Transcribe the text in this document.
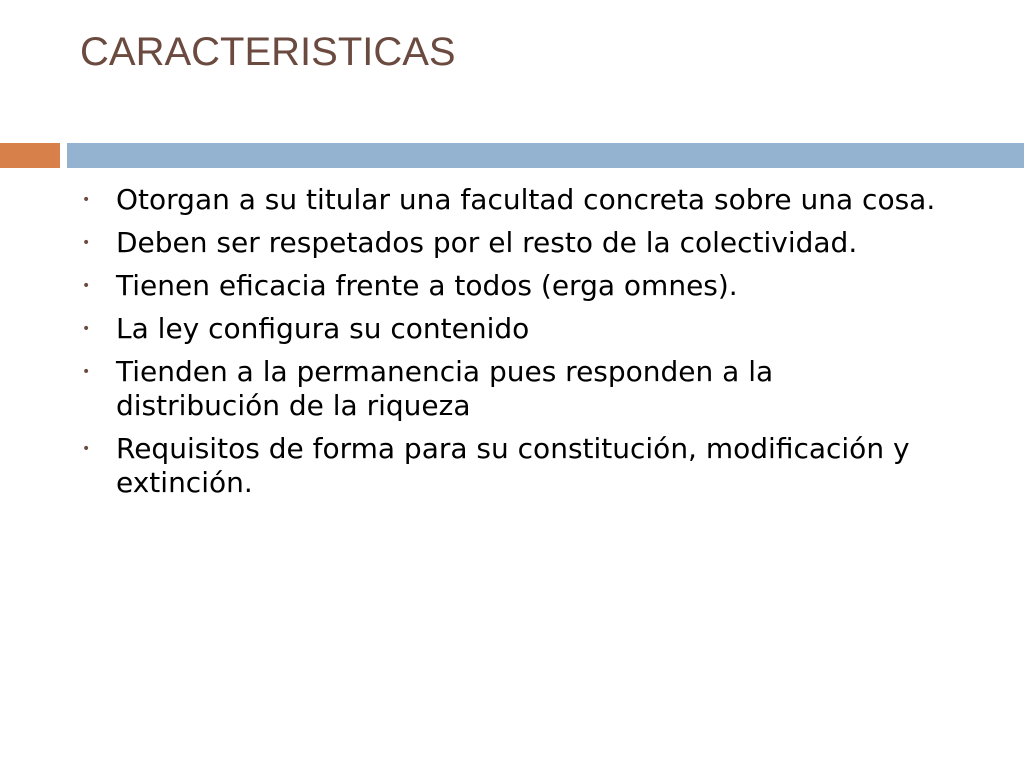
CARACTERISTICAS
• Otorgan a su titular una facultad concreta sobre una cosa.
• Deben ser respetados por el resto de la colectividad.
• Tienen eficacia frente a todos (erga omnes).
• La ley configura su contenido
• Tienden a la permanencia pues responden a la distribución de la riqueza
• Requisitos de forma para su constitución, modificación y extinción.
